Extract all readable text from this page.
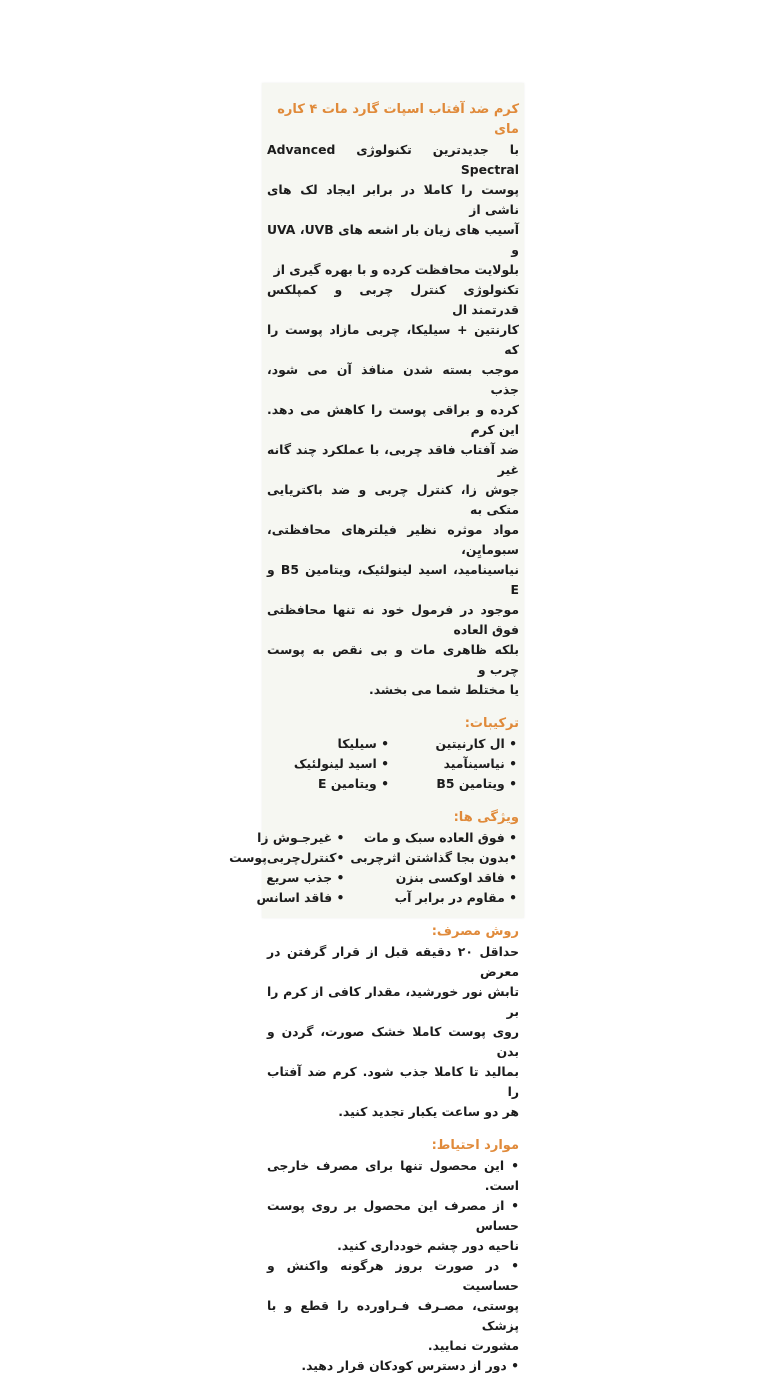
کرم ضد آفتاب اسپات گارد مات ۴ کاره مای

با جدیدترین تکنولوژی Advanced Spectral

پوست را کاملا در برابر ایجاد لک های ناشی از

آسیب های زیان بار اشعه های UVA ،UVB و

بلولایت محافظت کرده و با بهره گیری از

تکنولوژی کنترل چربی و کمپلکس قدرتمند ال

کارنتین + سیلیکا، چربی مازاد پوست را که

موجب بسته شدن منافذ آن می شود، جذب

کرده و براقی پوست را کاهش می دهد. این کرم

ضد آفتاب فاقد چربی، با عملکرد چند گانه غیر

جوش زا، کنترل چربی و ضد باکتریایی متکی به

مواد موثره نظیر فیلترهای محافظتی، سبومایِن،

نیاسینامید، اسید لینولئیک، ویتامین B5 و E

موجود در فرمول خود نه تنها محافظتی فوق العاده

بلکه ظاهری مات و بی نقص به پوست چرب و

یا مختلط شما می بخشد.

ترکیبات:
• ال کارنیتین
• سیلیکا
• نیاسینآمید
• اسید لینولئیک
• ویتامین B5
• ویتامین E
ویژگی ها:
• فوق العاده سبک و مات
• غیرجـوش زا
•بدون بجا گذاشتن اثرچربی
•کنترل‌چربی‌پوست
• فاقد اوکسی بنزن
• جذب سریع
• مقاوم در برابر آب
• فاقد اسانس
روش مصرف:

حداقل ۲۰ دقیقه قبل از قرار گرفتن در معرض

تابش نور خورشید، مقدار کافی از کرم را بر

روی پوست کاملا خشک صورت، گردن و بدن

بمالید تا کاملا جذب شود. کرم ضد آفتاب را

هر دو ساعت یکبار تجدید کنید.

موارد احتیاط:

• این محصول تنها برای مصرف خارجی است.

• از مصرف این محصول بر روی پوست حساس

ناحیه دور چشم خودداری کنید.

• در صورت بروز هرگونه واکنش و حساسیت

پوستی، مصـرف فـراورده را قطع و با پزشک

مشورت نمایید.

• دور از دسترس کودکان قرار دهید.
